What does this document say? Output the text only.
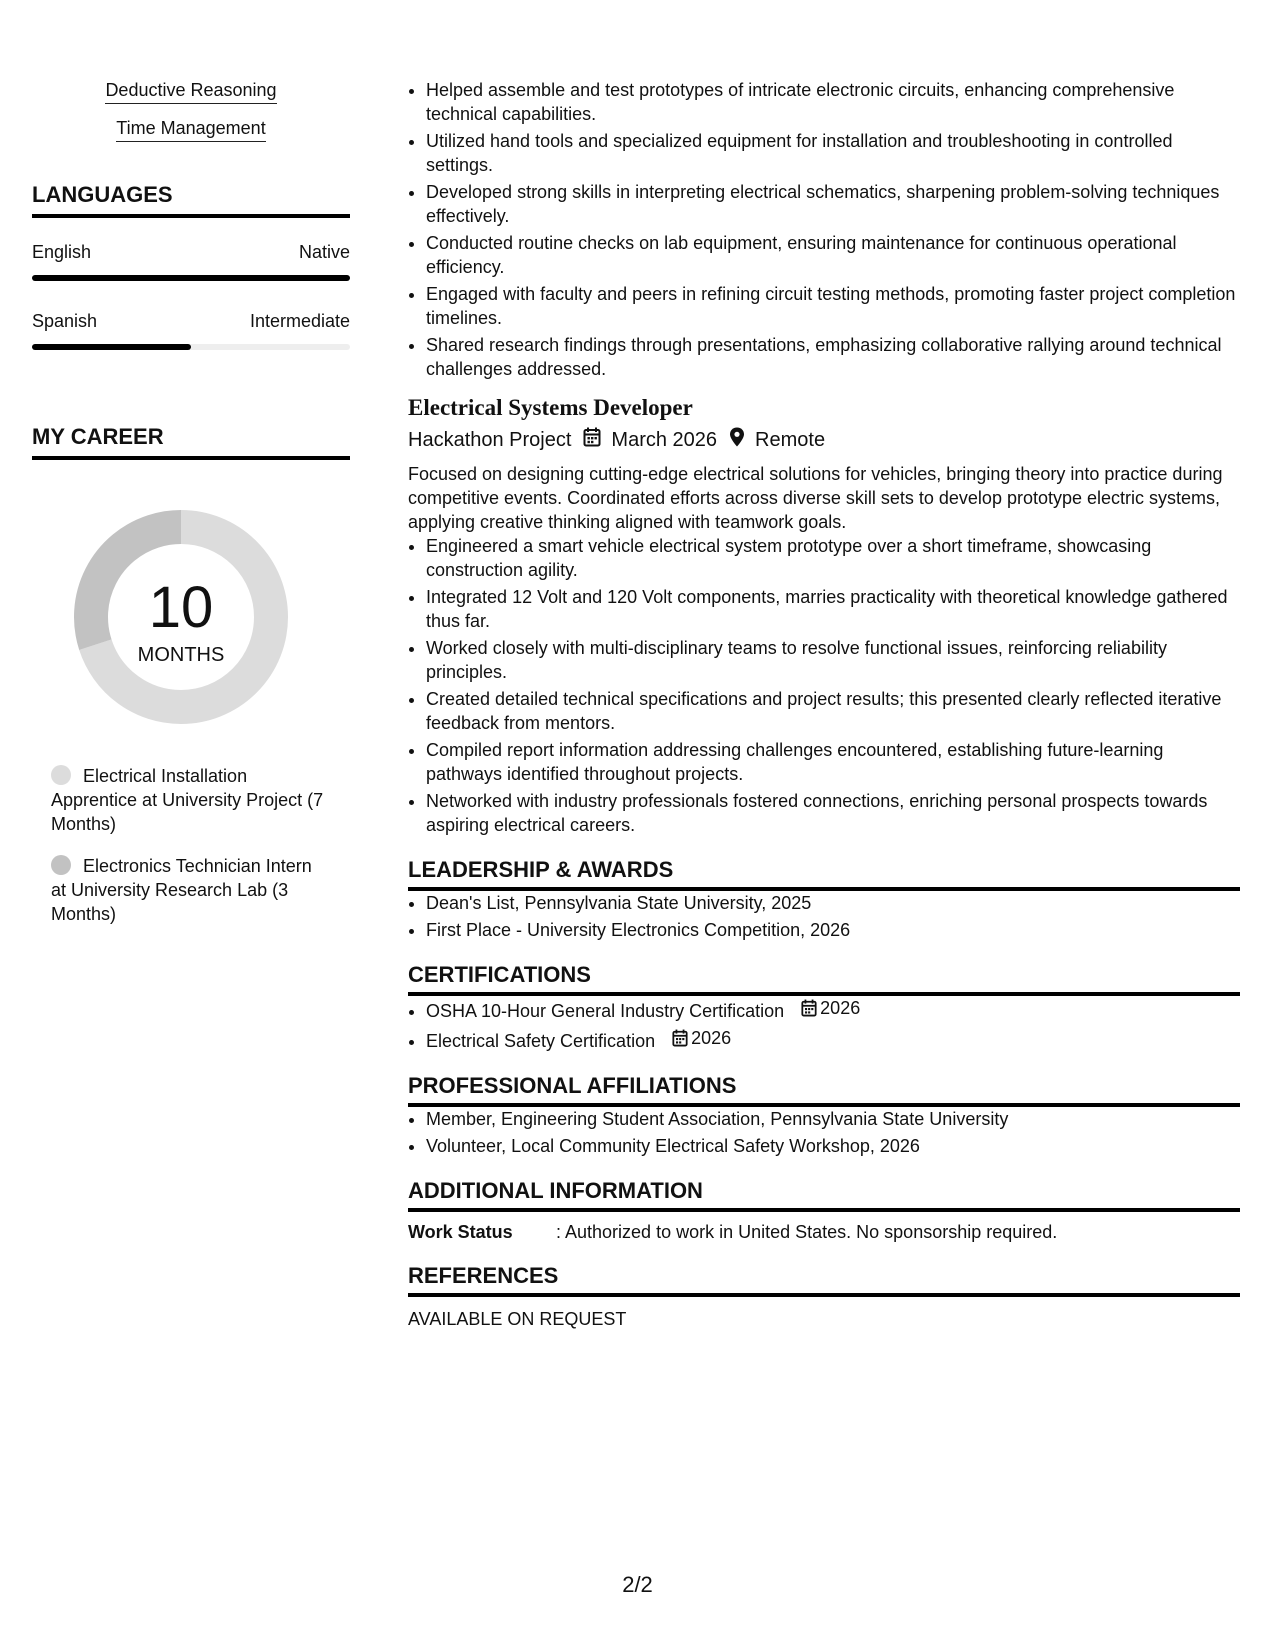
Deductive Reasoning
Time Management
LANGUAGES
English	Native
Spanish	Intermediate
MY CAREER
10
MONTHS
Electrical Installation Apprentice at University Project (7 Months)
Electronics Technician Intern at University Research Lab (3 Months)
• Helped assemble and test prototypes of intricate electronic circuits, enhancing comprehensive technical capabilities.
• Utilized hand tools and specialized equipment for installation and troubleshooting in controlled settings.
• Developed strong skills in interpreting electrical schematics, sharpening problem-solving techniques effectively.
• Conducted routine checks on lab equipment, ensuring maintenance for continuous operational efficiency.
• Engaged with faculty and peers in refining circuit testing methods, promoting faster project completion timelines.
• Shared research findings through presentations, emphasizing collaborative rallying around technical challenges addressed.
Electrical Systems Developer
Hackathon Project March 2026 Remote
Focused on designing cutting-edge electrical solutions for vehicles, bringing theory into practice during competitive events. Coordinated efforts across diverse skill sets to develop prototype electric systems, applying creative thinking aligned with teamwork goals.
• Engineered a smart vehicle electrical system prototype over a short timeframe, showcasing construction agility.
• Integrated 12 Volt and 120 Volt components, marries practicality with theoretical knowledge gathered thus far.
• Worked closely with multi-disciplinary teams to resolve functional issues, reinforcing reliability principles.
• Created detailed technical specifications and project results; this presented clearly reflected iterative feedback from mentors.
• Compiled report information addressing challenges encountered, establishing future-learning pathways identified throughout projects.
• Networked with industry professionals fostered connections, enriching personal prospects towards aspiring electrical careers.
LEADERSHIP & AWARDS
• Dean's List, Pennsylvania State University, 2025
• First Place - University Electronics Competition, 2026
CERTIFICATIONS
• OSHA 10-Hour General Industry Certification 2026
• Electrical Safety Certification 2026
PROFESSIONAL AFFILIATIONS
• Member, Engineering Student Association, Pennsylvania State University
• Volunteer, Local Community Electrical Safety Workshop, 2026
ADDITIONAL INFORMATION
Work Status : Authorized to work in United States. No sponsorship required.
REFERENCES
AVAILABLE ON REQUEST
2/2
